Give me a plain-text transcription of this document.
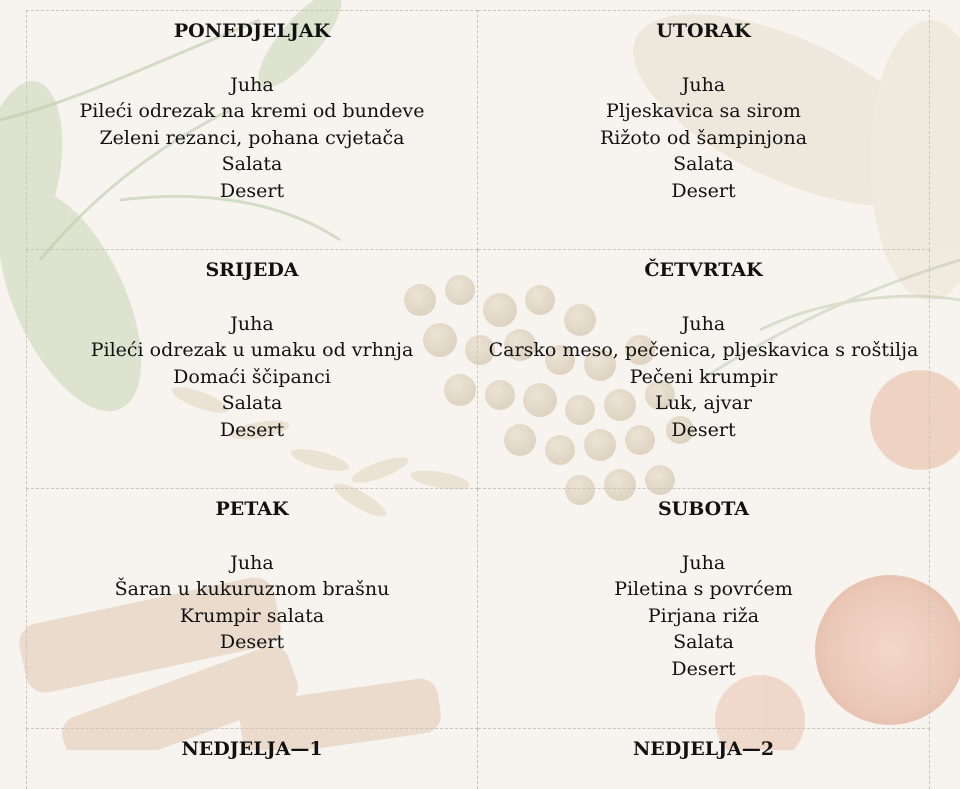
PONEDJELJAK

Juha

Pileći odrezak na kremi od bundeve

Zeleni rezanci, pohana cvjetača

Salata

Desert

UTORAK

Juha

Pljeskavica sa sirom

Rižoto od šampinjona

Salata

Desert

SRIJEDA

Juha

Pileći odrezak u umaku od vrhnja

Domaći ščipanci

Salata

Desert

ČETVRTAK

Juha

Carsko meso, pečenica, pljeskavica s roštilja

Pečeni krumpir

Luk, ajvar

Desert

PETAK

Juha

Šaran u kukuruznom brašnu

Krumpir salata

Desert

SUBOTA

Juha

Piletina s povrćem

Pirjana riža

Salata

Desert

NEDJELJA—1	NEDJELJA—2
